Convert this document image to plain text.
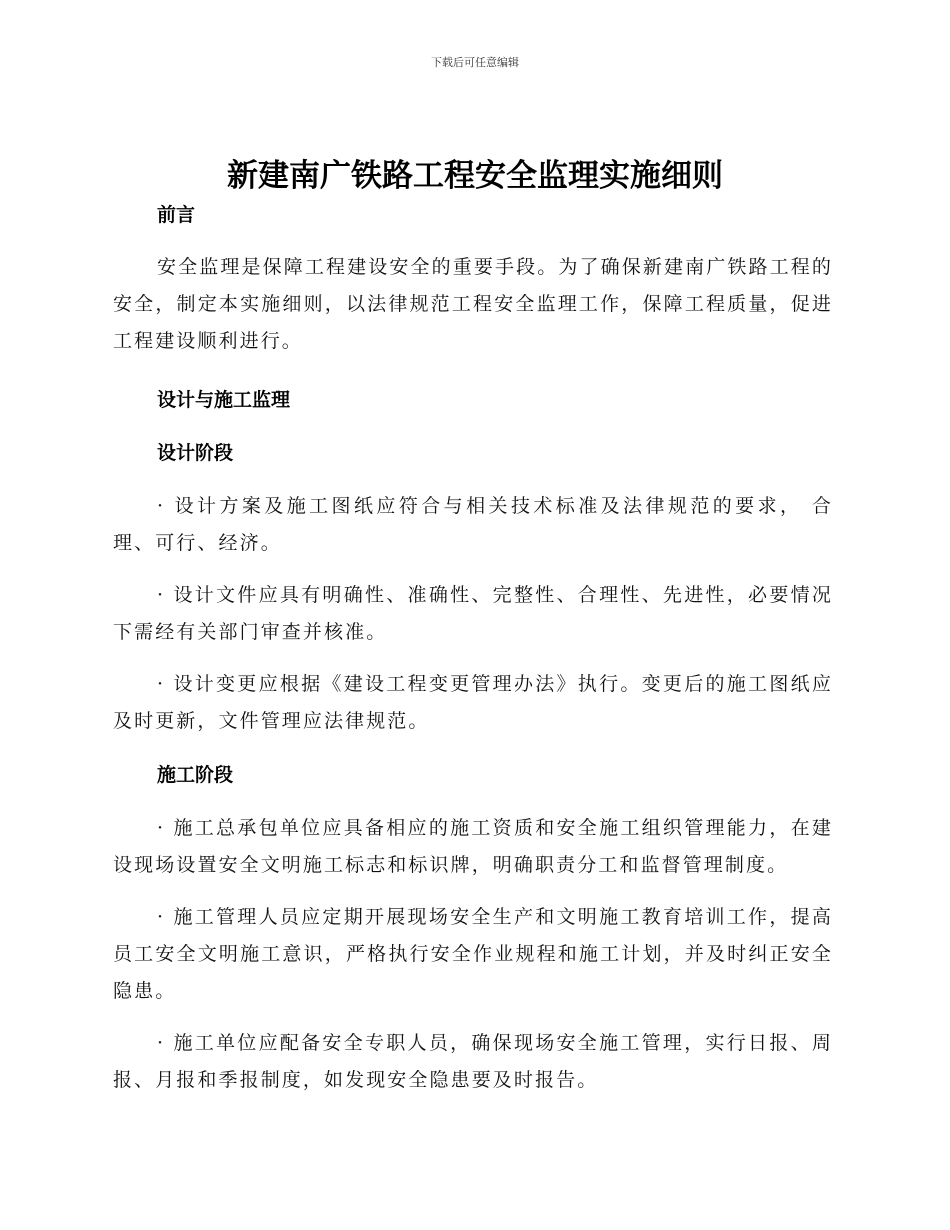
下载后可任意编辑
新建南广铁路工程安全监理实施细则
前言

安全监理是保障工程建设安全的重要手段。为了确保新建南广铁路工程的安全，制定本实施细则，以法律规范工程安全监理工作，保障工程质量，促进工程建设顺利进行。

设计与施工监理
设计阶段

· 设计方案及施工图纸应符合与相关技术标准及法律规范的要求， 合理、可行、经济。

· 设计文件应具有明确性、准确性、完整性、合理性、先进性，必要情况下需经有关部门审查并核准。

· 设计变更应根据《建设工程变更管理办法》执行。变更后的施工图纸应及时更新，文件管理应法律规范。

施工阶段

· 施工总承包单位应具备相应的施工资质和安全施工组织管理能力，在建设现场设置安全文明施工标志和标识牌，明确职责分工和监督管理制度。

· 施工管理人员应定期开展现场安全生产和文明施工教育培训工作，提高员工安全文明施工意识，严格执行安全作业规程和施工计划，并及时纠正安全隐患。

· 施工单位应配备安全专职人员，确保现场安全施工管理，实行日报、周报、月报和季报制度，如发现安全隐患要及时报告。
